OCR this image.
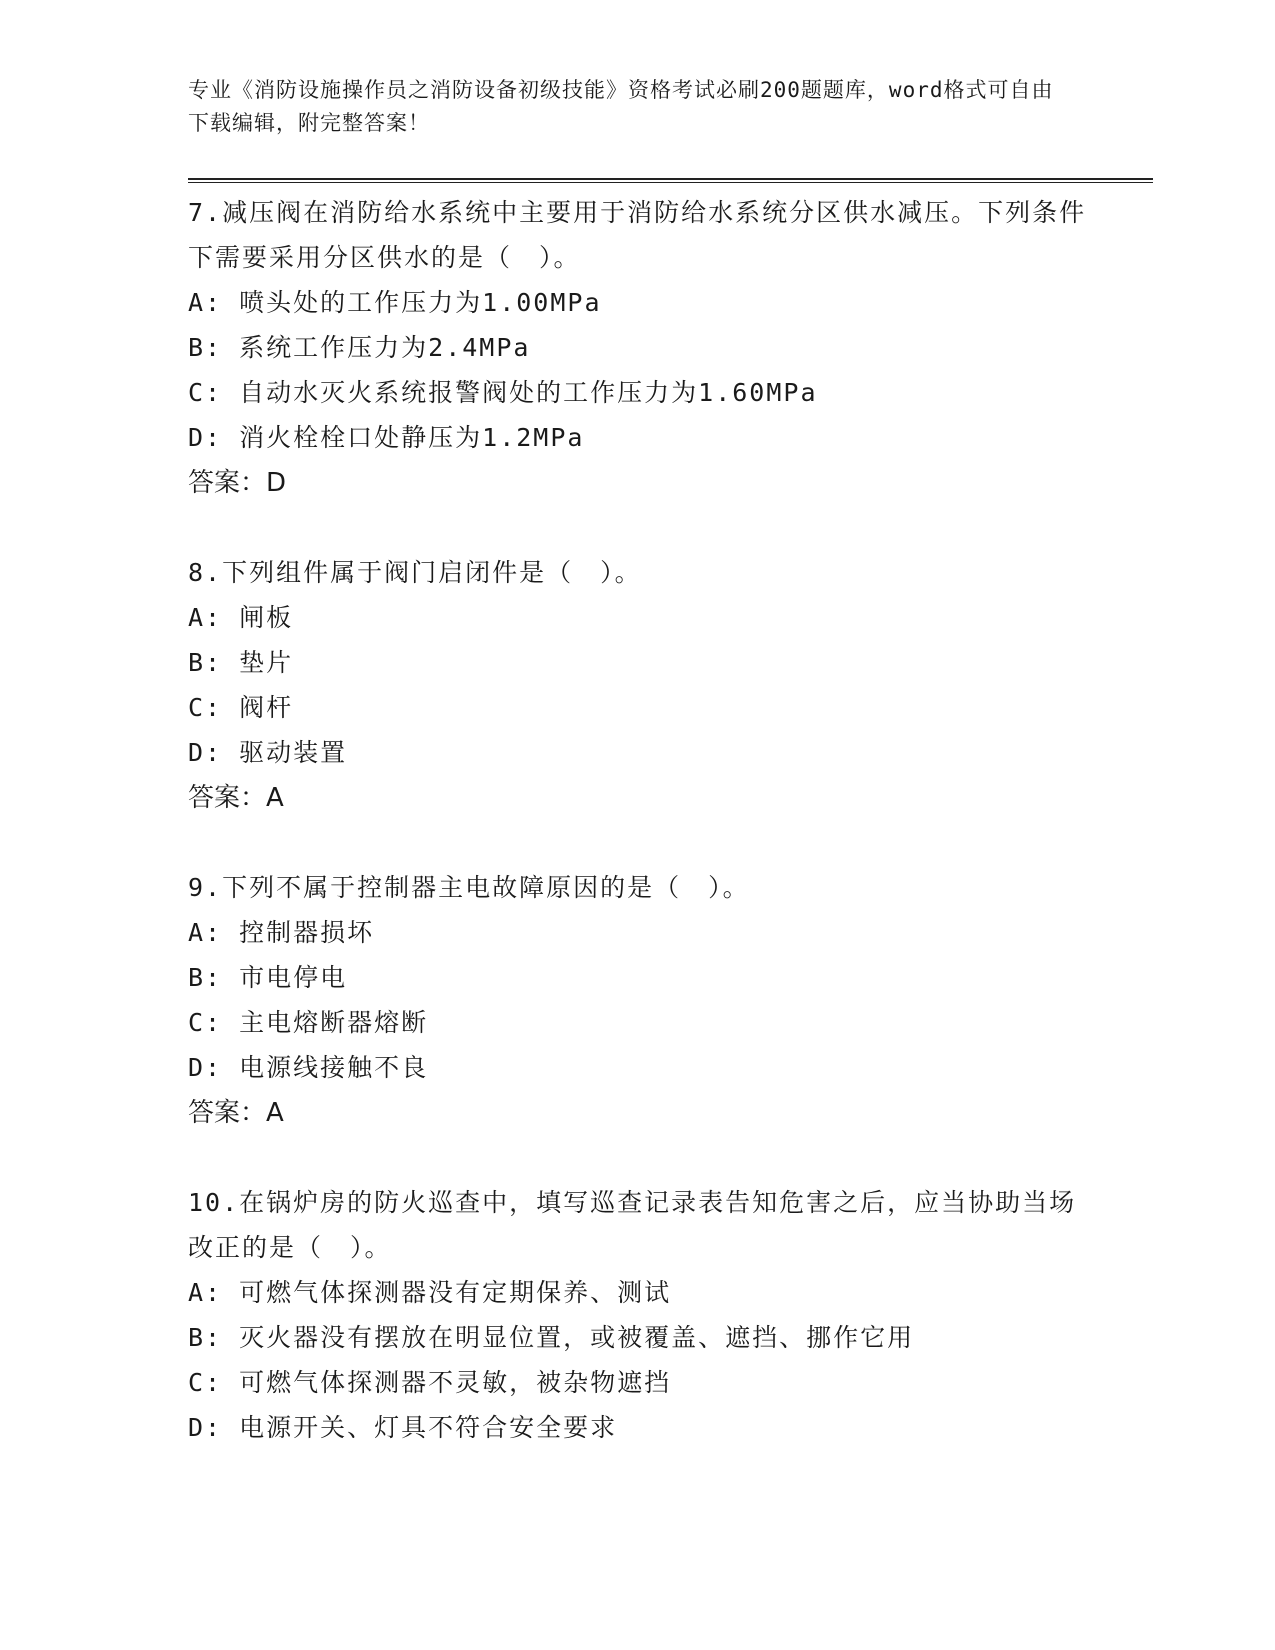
专业《消防设施操作员之消防设备初级技能》资格考试必刷200题题库，word格式可自由下载编辑，附完整答案！

7.减压阀在消防给水系统中主要用于消防给水系统分区供水减压。下列条件下需要采用分区供水的是（　）。

A: 喷头处的工作压力为1.00MPa

B: 系统工作压力为2.4MPa

C: 自动水灭火系统报警阀处的工作压力为1.60MPa

D: 消火栓栓口处静压为1.2MPa

答案：D

8.下列组件属于阀门启闭件是（　）。

A: 闸板

B: 垫片

C: 阀杆

D: 驱动装置

答案：A

9.下列不属于控制器主电故障原因的是（　）。

A: 控制器损坏

B: 市电停电

C: 主电熔断器熔断

D: 电源线接触不良

答案：A

10.在锅炉房的防火巡查中，填写巡查记录表告知危害之后，应当协助当场改正的是（　）。

A: 可燃气体探测器没有定期保养、测试

B: 灭火器没有摆放在明显位置，或被覆盖、遮挡、挪作它用

C: 可燃气体探测器不灵敏，被杂物遮挡

D: 电源开关、灯具不符合安全要求
